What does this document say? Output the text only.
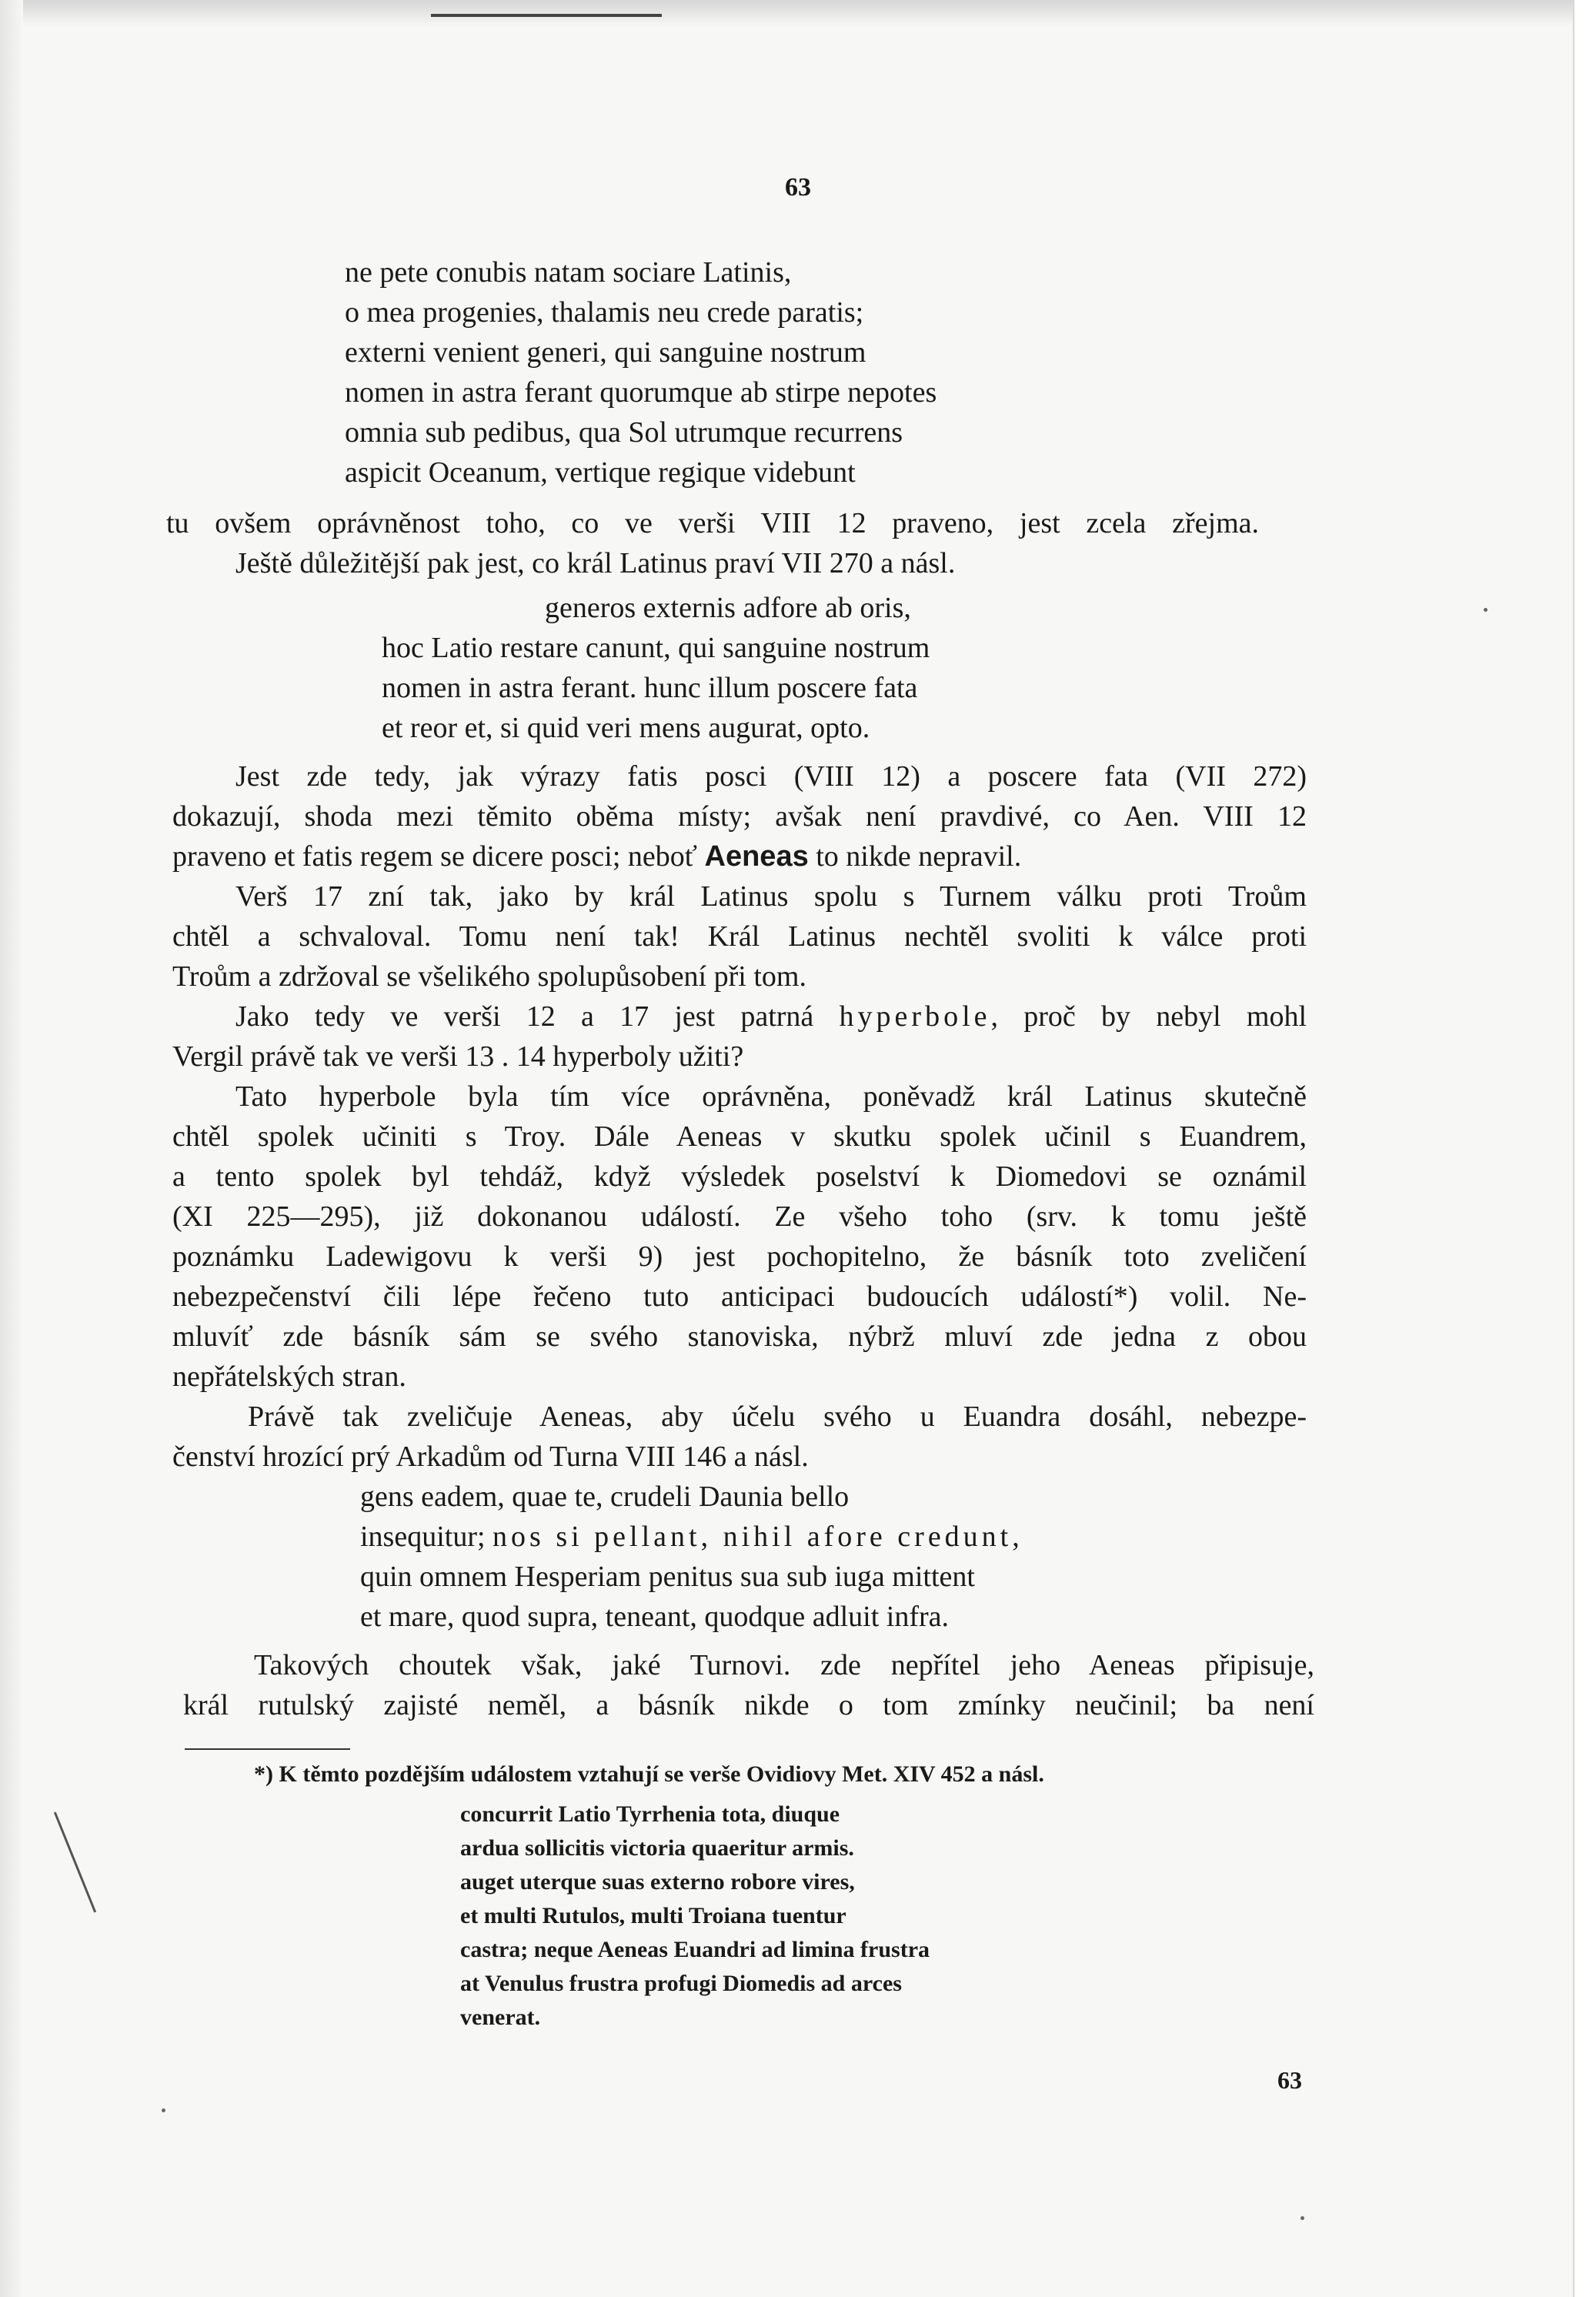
63
ne pete conubis natam sociare Latinis,
o mea progenies, thalamis neu crede paratis;
externi venient generi, qui sanguine nostrum
nomen in astra ferant quorumque ab stirpe nepotes
omnia sub pedibus, qua Sol utrumque recurrens
aspicit Oceanum, vertique regique videbunt
tu ovšem oprávněnost toho, co ve verši VIII 12 praveno, jest zcela zřejma.
Ještě důležitější pak jest, co král Latinus praví VII 270 a násl.
generos externis adfore ab oris,
hoc Latio restare canunt, qui sanguine nostrum
nomen in astra ferant. hunc illum poscere fata
et reor et, si quid veri mens augurat, opto.
Jest zde tedy, jak výrazy fatis posci (VIII 12) a poscere fata (VII 272)
dokazují, shoda mezi těmito oběma místy; avšak není pravdivé, co Aen. VIII 12
praveno et fatis regem se dicere posci; neboť Aeneas to nikde nepravil.
Verš 17 zní tak, jako by král Latinus spolu s Turnem válku proti Troům
chtěl a schvaloval. Tomu není tak! Král Latinus nechtěl svoliti k válce proti
Troům a zdržoval se všelikého spolupůsobení při tom.
Jako tedy ve verši 12 a 17 jest patrná hyperbole, proč by nebyl mohl
Vergil právě tak ve verši 13 . 14 hyperboly užiti?
Tato hyperbole byla tím více oprávněna, poněvadž král Latinus skutečně
chtěl spolek učiniti s Troy. Dále Aeneas v skutku spolek učinil s Euandrem,
a tento spolek byl tehdáž, když výsledek poselství k Diomedovi se oznámil
(XI 225—295), již dokonanou událostí. Ze všeho toho (srv. k tomu ještě
poznámku Ladewigovu k verši 9) jest pochopitelno, že básník toto zveličení
nebezpečenství čili lépe řečeno tuto anticipaci budoucích událostí*) volil. Ne-
mluvíť zde básník sám se svého stanoviska, nýbrž mluví zde jedna z obou
nepřátelských stran.
Právě tak zveličuje Aeneas, aby účelu svého u Euandra dosáhl, nebezpe-
čenství hrozící prý Arkadům od Turna VIII 146 a násl.
gens eadem, quae te, crudeli Daunia bello
insequitur; nos si pellant, nihil afore credunt,
quin omnem Hesperiam penitus sua sub iuga mittent
et mare, quod supra, teneant, quodque adluit infra.
Takových choutek však, jaké Turnovi. zde nepřítel jeho Aeneas připisuje,
král rutulský zajisté neměl, a básník nikde o tom zmínky neučinil; ba není
*) K těmto pozdějším událostem vztahují se verše Ovidiovy Met. XIV 452 a násl.
concurrit Latio Tyrrhenia tota, diuque
ardua sollicitis victoria quaeritur armis.
auget uterque suas externo robore vires,
et multi Rutulos, multi Troiana tuentur
castra; neque Aeneas Euandri ad limina frustra
at Venulus frustra profugi Diomedis ad arces
venerat.
63
